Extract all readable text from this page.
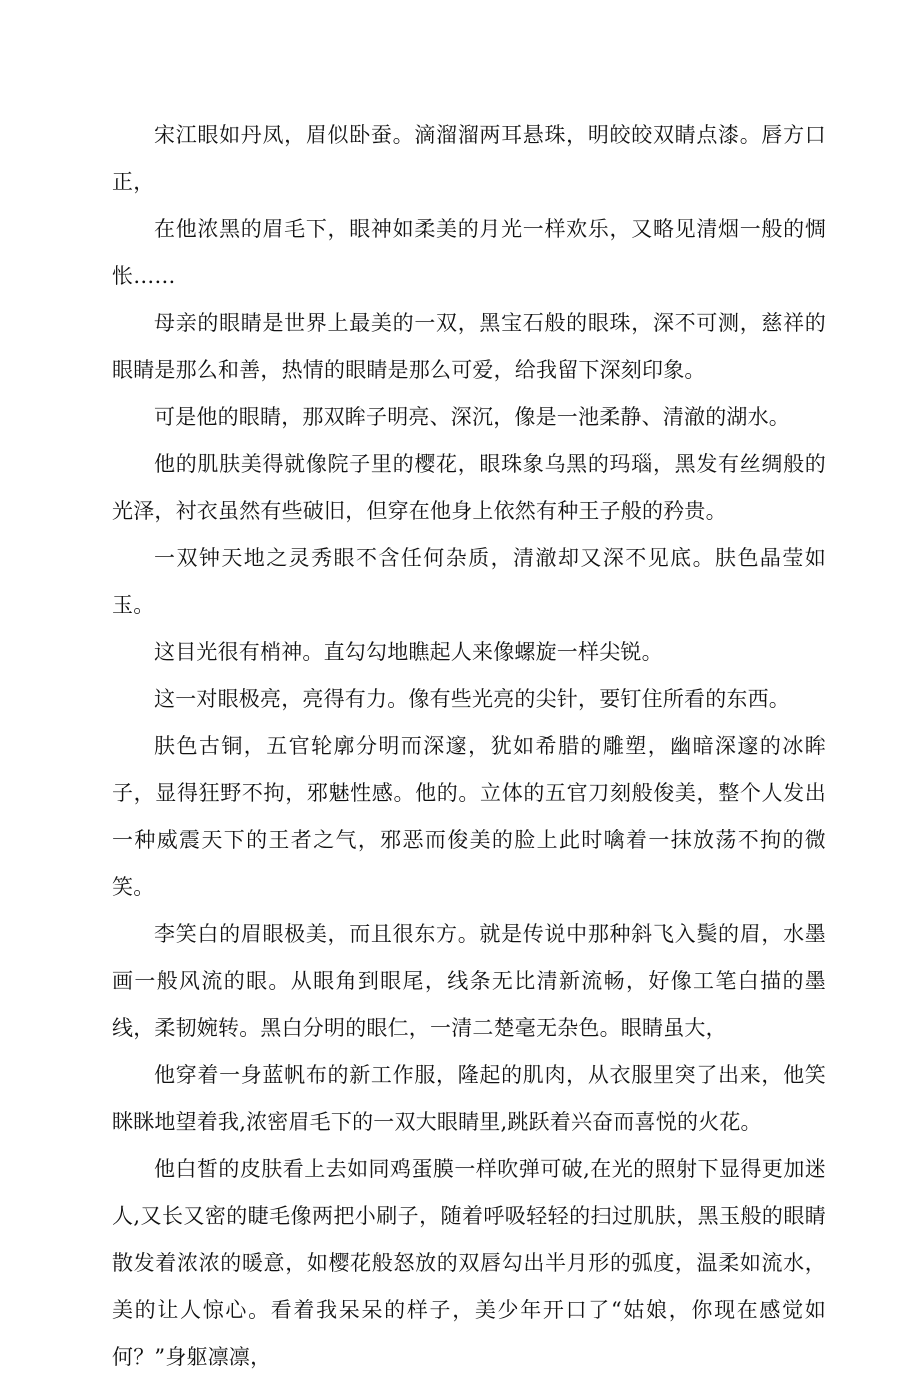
宋江眼如丹凤，眉似卧蚕。滴溜溜两耳悬珠，明皎皎双睛点漆。唇方口正，

在他浓黑的眉毛下，眼神如柔美的月光一样欢乐，又略见清烟一般的惆怅……

母亲的眼睛是世界上最美的一双，黑宝石般的眼珠，深不可测，慈祥的眼睛是那么和善，热情的眼睛是那么可爱，给我留下深刻印象。

可是他的眼睛，那双眸子明亮、深沉，像是一池柔静、清澈的湖水。

他的肌肤美得就像院子里的樱花，眼珠象乌黑的玛瑙，黑发有丝绸般的光泽，衬衣虽然有些破旧，但穿在他身上依然有种王子般的矜贵。

一双钟天地之灵秀眼不含任何杂质，清澈却又深不见底。肤色晶莹如玉。

这目光很有梢神。直勾勾地瞧起人来像螺旋一样尖锐。

这一对眼极亮，亮得有力。像有些光亮的尖针，要钉住所看的东西。

肤色古铜，五官轮廓分明而深邃，犹如希腊的雕塑，幽暗深邃的冰眸子，显得狂野不拘，邪魅性感。他的。立体的五官刀刻般俊美，整个人发出一种威震天下的王者之气，邪恶而俊美的脸上此时噙着一抹放荡不拘的微笑。

李笑白的眉眼极美，而且很东方。就是传说中那种斜飞入鬓的眉，水墨画一般风流的眼。从眼角到眼尾，线条无比清新流畅，好像工笔白描的墨线，柔韧婉转。黑白分明的眼仁，一清二楚毫无杂色。眼睛虽大，

他穿着一身蓝帆布的新工作服，隆起的肌肉，从衣服里突了出来，他笑眯眯地望着我,浓密眉毛下的一双大眼睛里,跳跃着兴奋而喜悦的火花。

他白皙的皮肤看上去如同鸡蛋膜一样吹弹可破,在光的照射下显得更加迷人,又长又密的睫毛像两把小刷子，随着呼吸轻轻的扫过肌肤，黑玉般的眼睛散发着浓浓的暖意，如樱花般怒放的双唇勾出半月形的弧度，温柔如流水，美的让人惊心。看着我呆呆的样子，美少年开口了“姑娘，你现在感觉如何？”身躯凛凛，
